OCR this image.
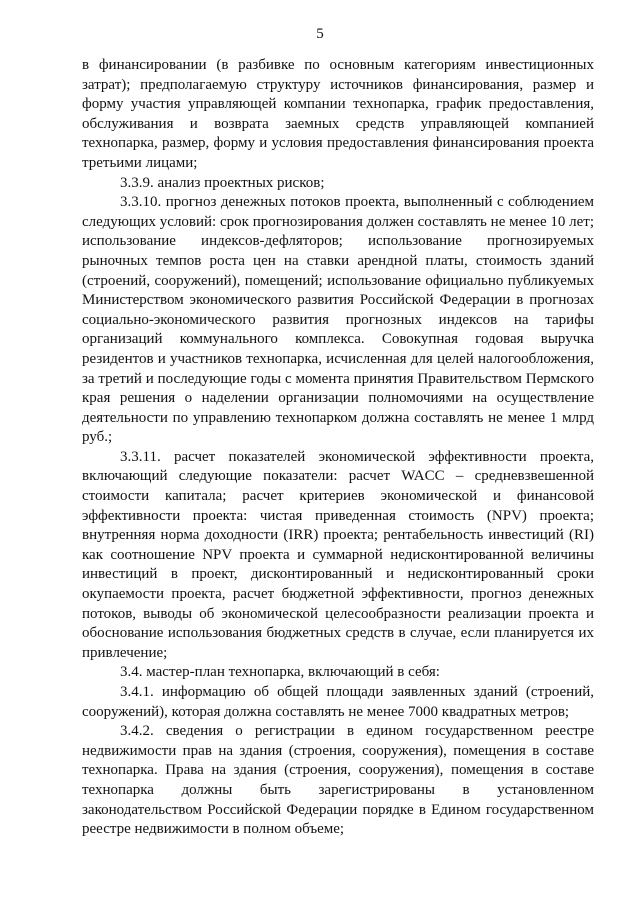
5

в финансировании (в разбивке по основным категориям инвестиционных затрат); предполагаемую структуру источников финансирования, размер и форму участия управляющей компании технопарка, график предоставления, обслуживания и возврата заемных средств управляющей компанией технопарка, размер, форму и условия предоставления финансирования проекта третьими лицами;

3.3.9. анализ проектных рисков;

3.3.10. прогноз денежных потоков проекта, выполненный с соблюдением следующих условий: срок прогнозирования должен составлять не менее 10 лет; использование индексов-дефляторов; использование прогнозируемых рыночных темпов роста цен на ставки арендной платы, стоимость зданий (строений, сооружений), помещений; использование официально публикуемых Министерством экономического развития Российской Федерации в прогнозах социально-экономического развития прогнозных индексов на тарифы организаций коммунального комплекса. Совокупная годовая выручка резидентов и участников технопарка, исчисленная для целей налогообложения, за третий и последующие годы с момента принятия Правительством Пермского края решения о наделении организации полномочиями на осуществление деятельности по управлению технопарком должна составлять не менее 1 млрд руб.;

3.3.11. расчет показателей экономической эффективности проекта, включающий следующие показатели: расчет WACC – средневзвешенной стоимости капитала; расчет критериев экономической и финансовой эффективности проекта: чистая приведенная стоимость (NPV) проекта; внутренняя норма доходности (IRR) проекта; рентабельность инвестиций (RI) как соотношение NPV проекта и суммарной недисконтированной величины инвестиций в проект, дисконтированный и недисконтированный сроки окупаемости проекта, расчет бюджетной эффективности, прогноз денежных потоков, выводы об экономической целесообразности реализации проекта и обоснование использования бюджетных средств в случае, если планируется их привлечение;

3.4. мастер-план технопарка, включающий в себя:

3.4.1. информацию об общей площади заявленных зданий (строений, сооружений), которая должна составлять не менее 7000 квадратных метров;

3.4.2. сведения о регистрации в едином государственном реестре недвижимости прав на здания (строения, сооружения), помещения в составе технопарка. Права на здания (строения, сооружения), помещения в составе технопарка должны быть зарегистрированы в установленном законодательством Российской Федерации порядке в Едином государственном реестре недвижимости в полном объеме;
